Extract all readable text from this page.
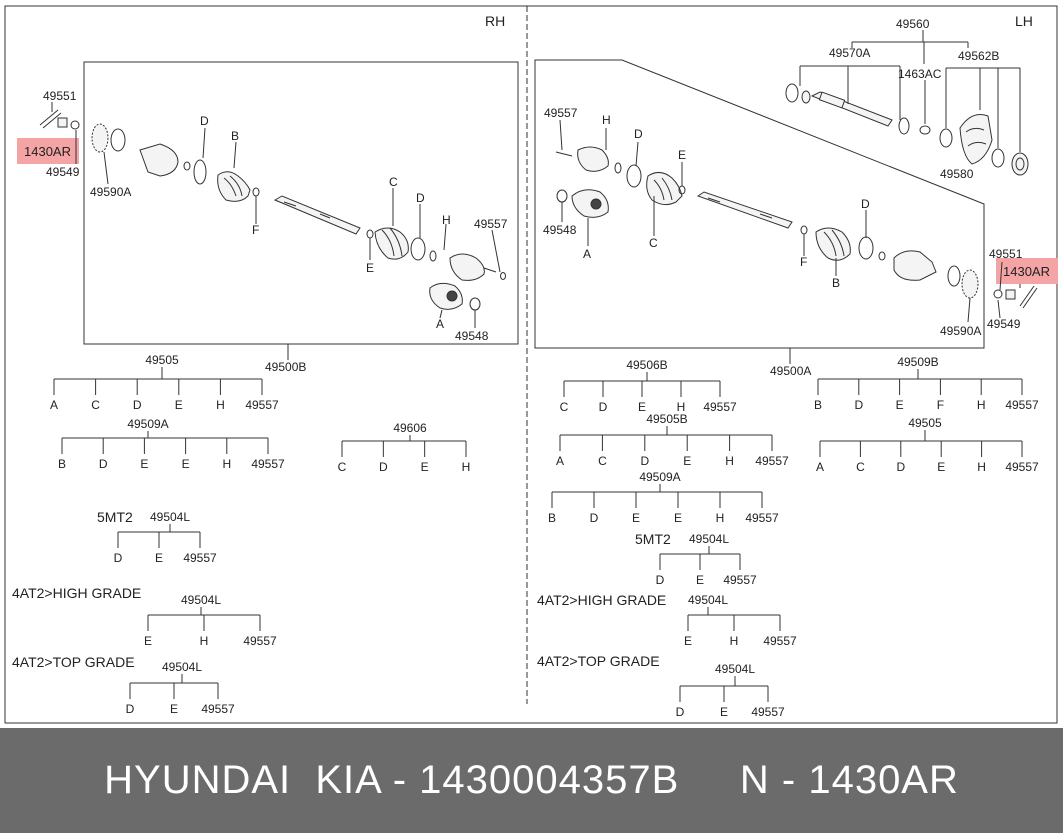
RH
49551
1430AR
49549
49590A
D
B
F
C
D
H 49557
E
A
49548
49500B
LH
49560
49570A
1463AC
49562B
49580
49557 H
D
E
49548
A
C
F
B
D
49551
1430AR
49549
49590A
49500A
49505
A	C	D	E	H 49557
49509A
B	D	E	E	H 49557
49606
C	D	E	H
49504L
D	E 49557
49504L
E	H	49557
49504L
D	E 49557
49506B
C	D	E	H 49557
49509B
B	D	E	F	H 49557
49505B
A	C	D	E	H 49557
49505
A	C	D	E	H 49557
49509A
B	D	E	E	H 49557
49504L
D	E 49557
49504L
E	H 49557
49504L
D	E 49557
5MT2
4AT2>HIGH GRADE
4AT2>TOP GRADE
5MT2
4AT2>HIGH GRADE
4AT2>TOP GRADE
HYUNDAI  KIA - 1430004357B     N - 1430AR
